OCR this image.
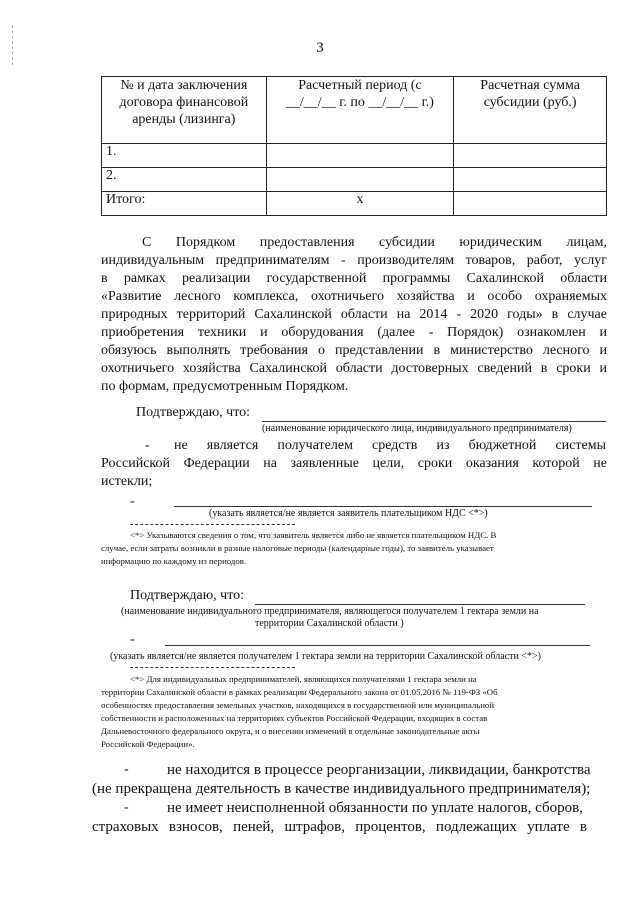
3
№ и дата заключения договора финансовой аренды (лизинга)	Расчетный период (с __/__/__ г. по __/__/__ г.)	Расчетная сумма субсидии (руб.)
1.		
2.		
Итого:	x	
С Порядком предоставления субсидии юридическим лицам,
индивидуальным предпринимателям - производителям товаров, работ, услуг
в рамках реализации государственной программы Сахалинской области
«Развитие лесного комплекса, охотничьего хозяйства и особо охраняемых
природных территорий Сахалинской области на 2014 - 2020 годы» в случае
приобретения техники и оборудования (далее - Порядок) ознакомлен и
обязуюсь выполнять требования о представлении в министерство лесного и
охотничьего хозяйства Сахалинской области достоверных сведений в сроки и
по формам, предусмотренным Порядком.
Подтверждаю, что:
(наименование юридического лица, индивидуального предпринимателя)
- не является получателем средств из бюджетной системы
Российской Федерации на заявленные цели, сроки оказания которой не
истекли;
-
(указать является/не является заявитель плательщиком НДС <*>)
<*> Указываются сведения о том, что заявитель является либо не является плательщиком НДС. В
случае, если затраты возникли в разные налоговые периоды (календарные годы), то заявитель указывает
информацию по каждому из периодов.
Подтверждаю, что:
(наименование индивидуального предпринимателя, являющегося получателем 1 гектара земли на
территории Сахалинской области )
-
(указать является/не является получателем 1 гектара земли на территории Сахалинской области <*>)
<*> Для индивидуальных предпринимателей, являющихся получателями 1 гектара земли на
территории Сахалинской области в рамках реализации Федерального закона от 01.05.2016 № 119-ФЗ «Об
особенностях предоставления земельных участков, находящихся в государственной или муниципальной
собственности и расположенных на территориях субъектов Российской Федерации, входящих в состав
Дальневосточного федерального округа, и о внесении изменений в отдельные законодательные акты
Российской Федерации».
-	не находится в процессе реорганизации, ликвидации, банкротства
(не прекращена деятельность в качестве индивидуального предпринимателя);
-	не имеет неисполненной обязанности по уплате налогов, сборов,
страховых взносов, пеней, штрафов, процентов, подлежащих уплате в
